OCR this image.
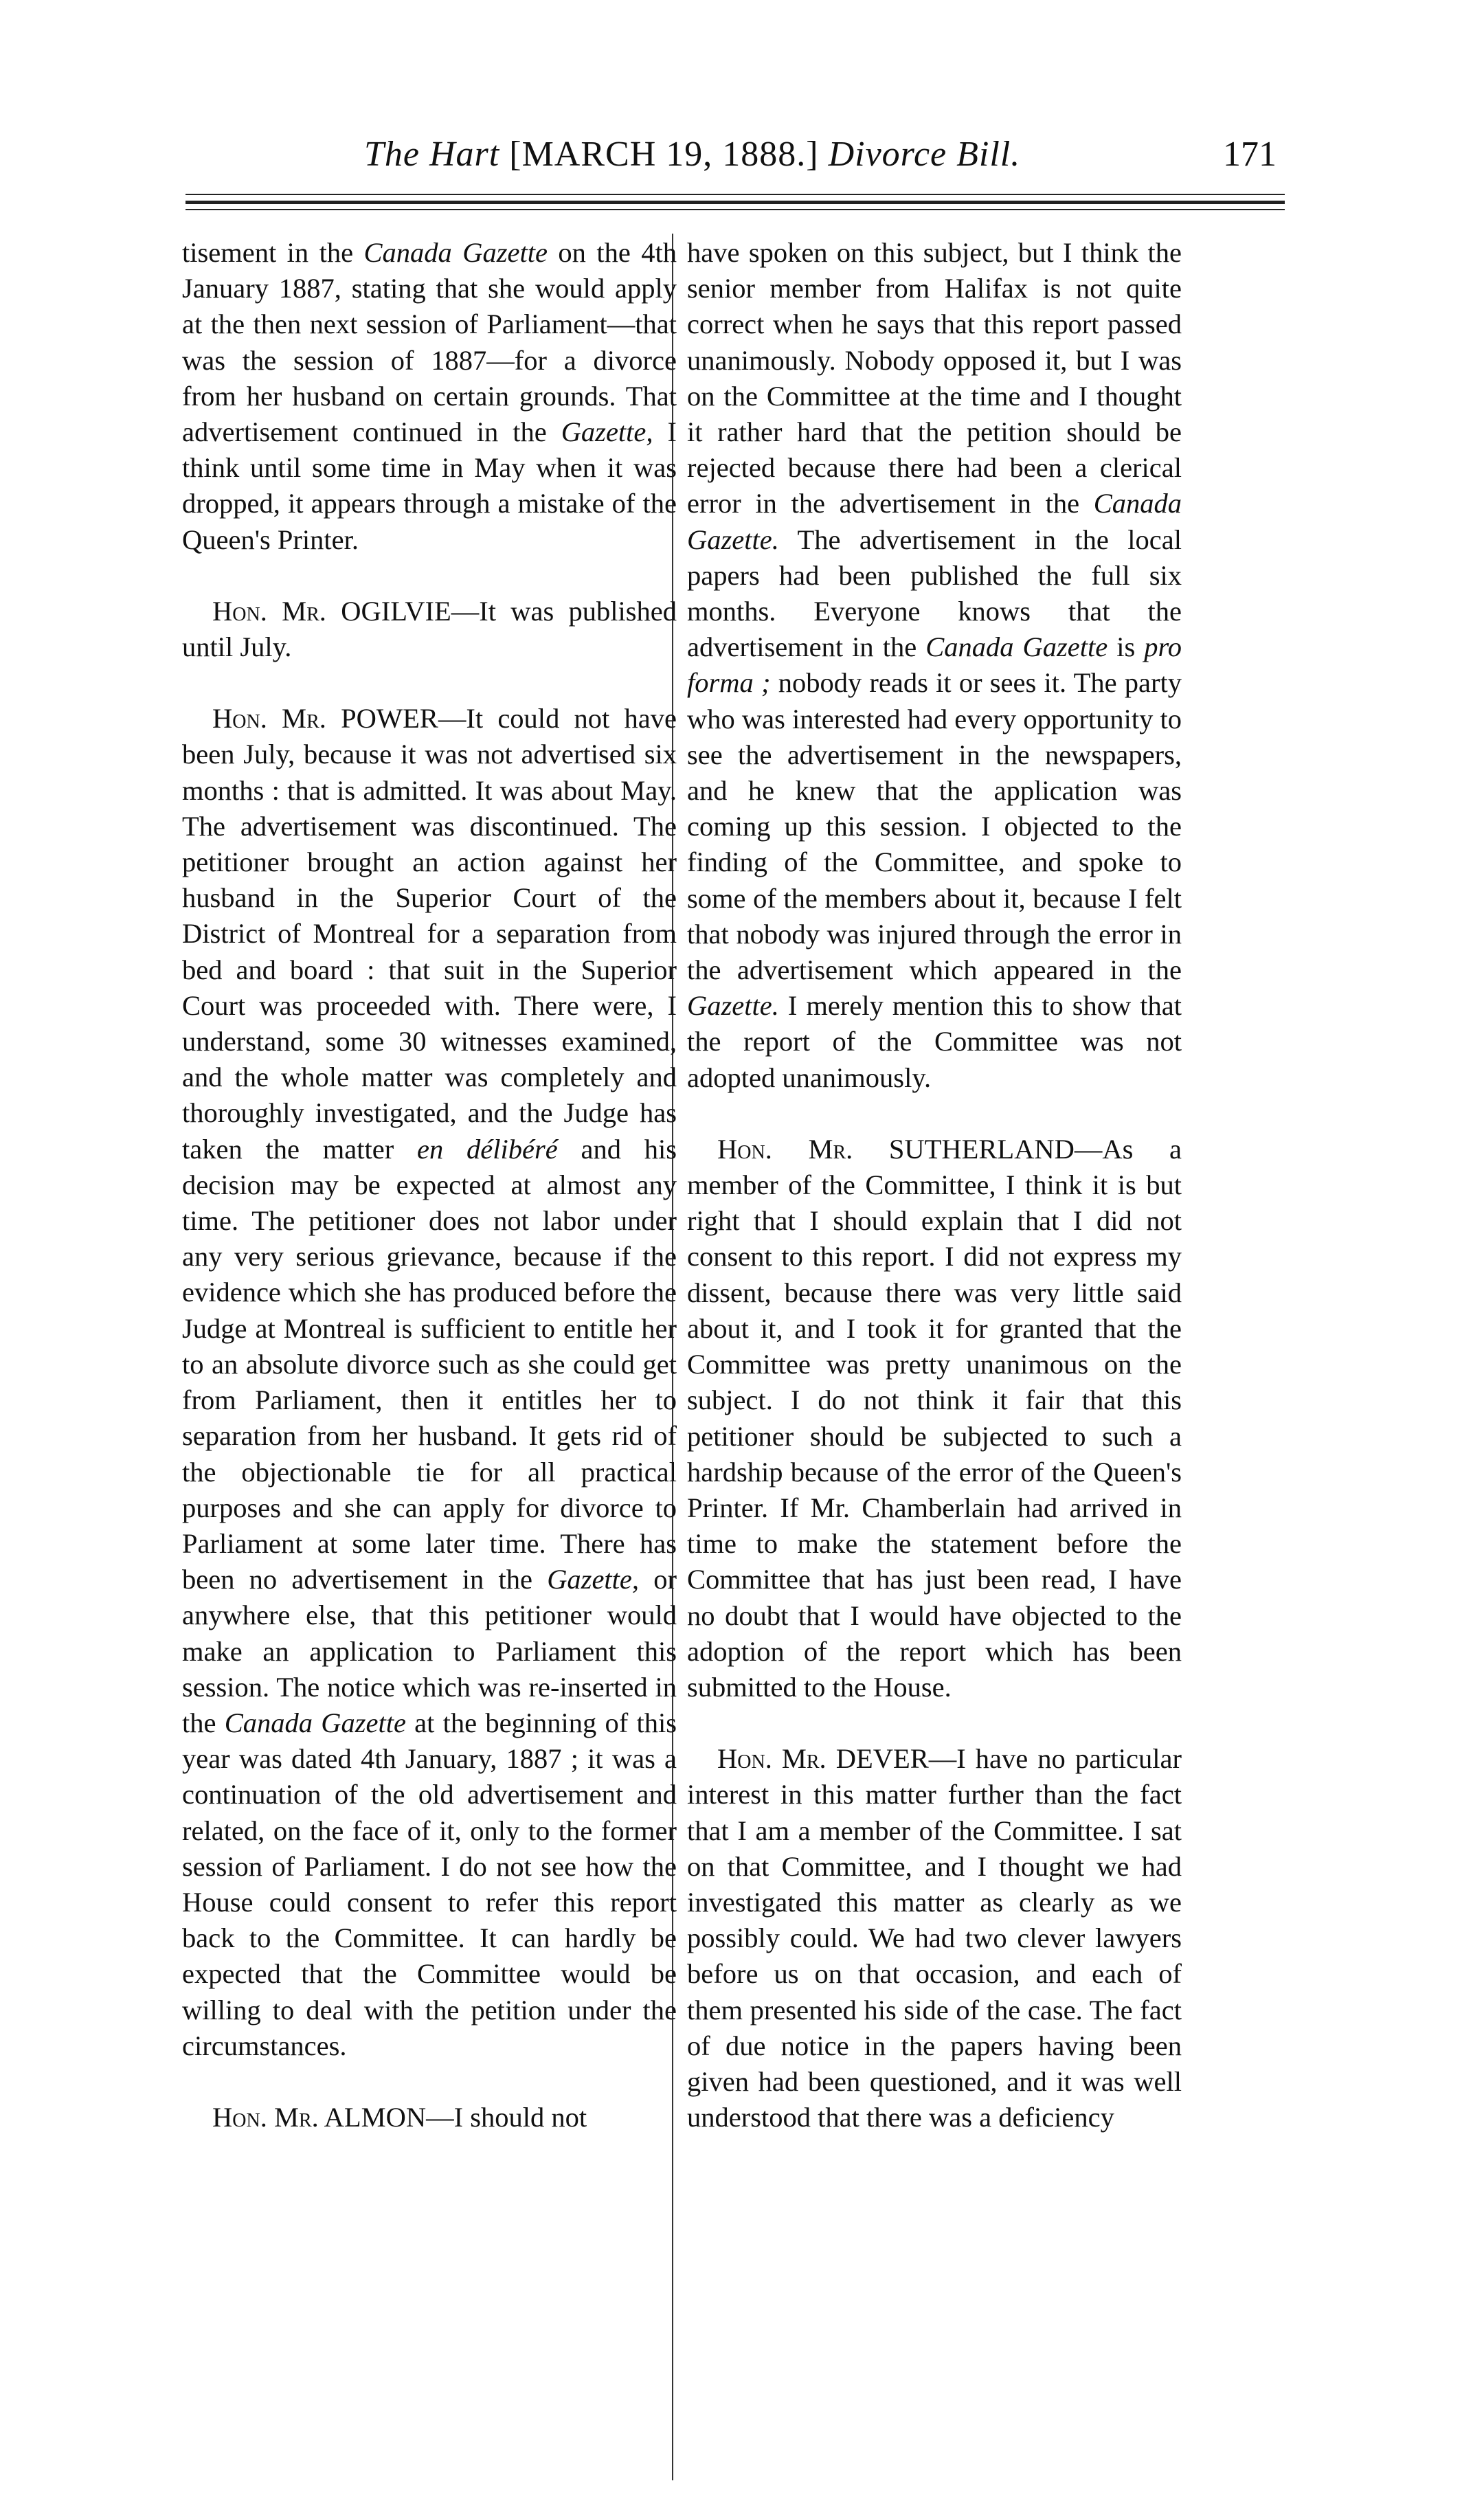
The Hart [MARCH 19, 1888.] Divorce Bill.	171

tisement in the Canada Gazette on the 4th January 1887, stating that she would apply at the then next session of Parliament—that was the session of 1887—for a divorce from her husband on certain grounds. That advertisement continued in the Gazette, I think until some time in May when it was dropped, it appears through a mistake of the Queen's Printer.

Hon. Mr. OGILVIE—It was published until July.

Hon. Mr. POWER—It could not have been July, because it was not advertised six months : that is admitted. It was about May. The advertisement was discontinued. The petitioner brought an action against her husband in the Superior Court of the District of Montreal for a separation from bed and board : that suit in the Superior Court was proceeded with. There were, I understand, some 30 witnesses examined, and the whole matter was completely and thoroughly investigated, and the Judge has taken the matter en délibéré and his decision may be expected at almost any time. The petitioner does not labor under any very serious grievance, because if the evidence which she has produced before the Judge at Montreal is sufficient to entitle her to an absolute divorce such as she could get from Parliament, then it entitles her to separation from her husband. It gets rid of the objectionable tie for all practical purposes and she can apply for divorce to Parliament at some later time. There has been no advertisement in the Gazette, or anywhere else, that this petitioner would make an application to Parliament this session. The notice which was re-inserted in the Canada Gazette at the beginning of this year was dated 4th January, 1887 ; it was a continuation of the old advertisement and related, on the face of it, only to the former session of Parliament. I do not see how the House could consent to refer this report back to the Committee. It can hardly be expected that the Committee would be willing to deal with the petition under the circumstances.

Hon. Mr. ALMON—I should not

have spoken on this subject, but I think the senior member from Halifax is not quite correct when he says that this report passed unanimously. Nobody opposed it, but I was on the Committee at the time and I thought it rather hard that the petition should be rejected because there had been a clerical error in the advertisement in the Canada Gazette. The advertisement in the local papers had been published the full six months. Everyone knows that the advertisement in the Canada Gazette is pro forma ; nobody reads it or sees it. The party who was interested had every opportunity to see the advertisement in the newspapers, and he knew that the application was coming up this session. I objected to the finding of the Committee, and spoke to some of the members about it, because I felt that nobody was injured through the error in the advertisement which appeared in the Gazette. I merely mention this to show that the report of the Committee was not adopted unanimously.

Hon. Mr. SUTHERLAND—As a member of the Committee, I think it is but right that I should explain that I did not consent to this report. I did not express my dissent, because there was very little said about it, and I took it for granted that the Committee was pretty unanimous on the subject. I do not think it fair that this petitioner should be subjected to such a hardship because of the error of the Queen's Printer. If Mr. Chamberlain had arrived in time to make the statement before the Committee that has just been read, I have no doubt that I would have objected to the adoption of the report which has been submitted to the House.

Hon. Mr. DEVER—I have no particular interest in this matter further than the fact that I am a member of the Committee. I sat on that Committee, and I thought we had investigated this matter as clearly as we possibly could. We had two clever lawyers before us on that occasion, and each of them presented his side of the case. The fact of due notice in the papers having been given had been questioned, and it was well understood that there was a deficiency
